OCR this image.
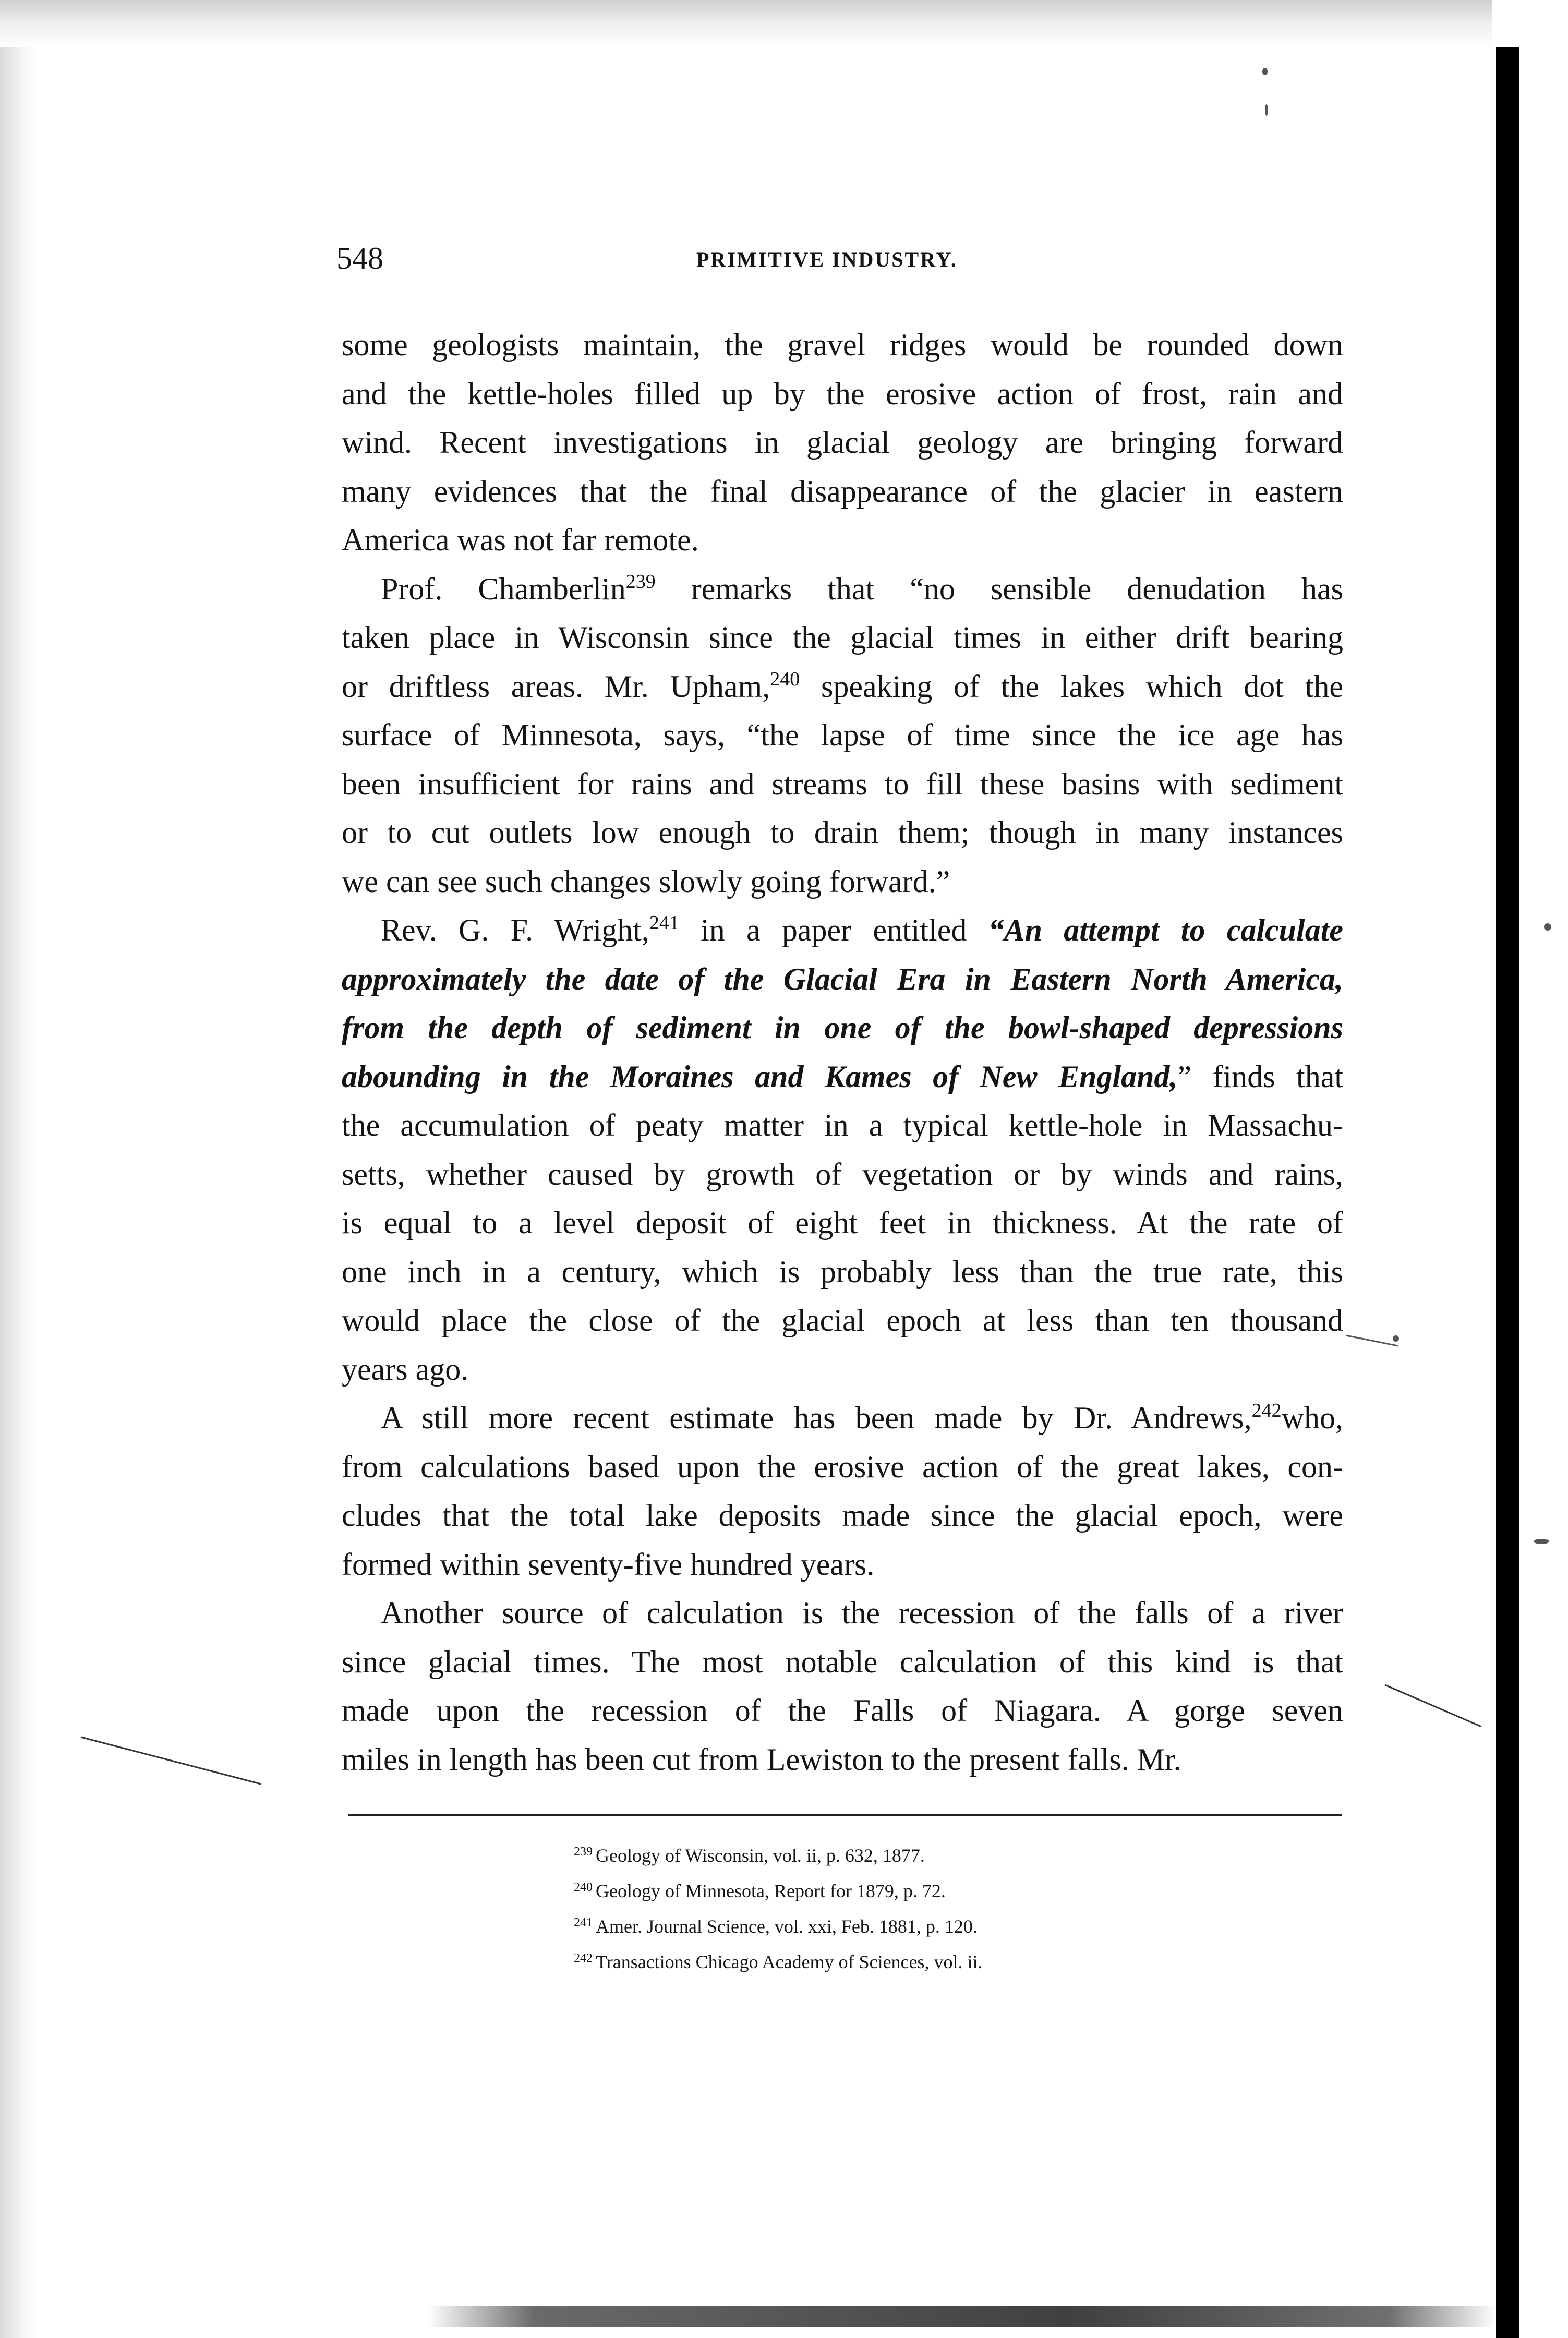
548	PRIMITIVE INDUSTRY.
some geologists maintain, the gravel ridges would be rounded down
and the kettle-holes filled up by the erosive action of frost, rain and
wind. Recent investigations in glacial geology are bringing forward
many evidences that the final disappearance of the glacier in eastern
America was not far remote.
Prof. Chamberlin$^{239}$ remarks that “no sensible denudation has
taken place in Wisconsin since the glacial times in either drift bearing
or driftless areas. Mr. Upham,$^{240}$ speaking of the lakes which dot the
surface of Minnesota, says, “the lapse of time since the ice age has
been insufficient for rains and streams to fill these basins with sediment
or to cut outlets low enough to drain them; though in many instances
we can see such changes slowly going forward.”
Rev. G. F. Wright,$^{241}$ in a paper entitled “An attempt to calculate
approximately the date of the Glacial Era in Eastern North America,
from the depth of sediment in one of the bowl-shaped depressions
abounding in the Moraines and Kames of New England,” finds that
the accumulation of peaty matter in a typical kettle-hole in Massachu-
setts, whether caused by growth of vegetation or by winds and rains,
is equal to a level deposit of eight feet in thickness. At the rate of
one inch in a century, which is probably less than the true rate, this
would place the close of the glacial epoch at less than ten thousand
years ago.
A still more recent estimate has been made by Dr. Andrews,$^{242}$who,
from calculations based upon the erosive action of the great lakes, con-
cludes that the total lake deposits made since the glacial epoch, were
formed within seventy-five hundred years.
Another source of calculation is the recession of the falls of a river
since glacial times. The most notable calculation of this kind is that
made upon the recession of the Falls of Niagara. A gorge seven
miles in length has been cut from Lewiston to the present falls. Mr.
$^{239}$ Geology of Wisconsin, vol. ii, p. 632, 1877.
$^{240}$ Geology of Minnesota, Report for 1879, p. 72.
$^{241}$ Amer. Journal Science, vol. xxi, Feb. 1881, p. 120.
$^{242}$ Transactions Chicago Academy of Sciences, vol. ii.
